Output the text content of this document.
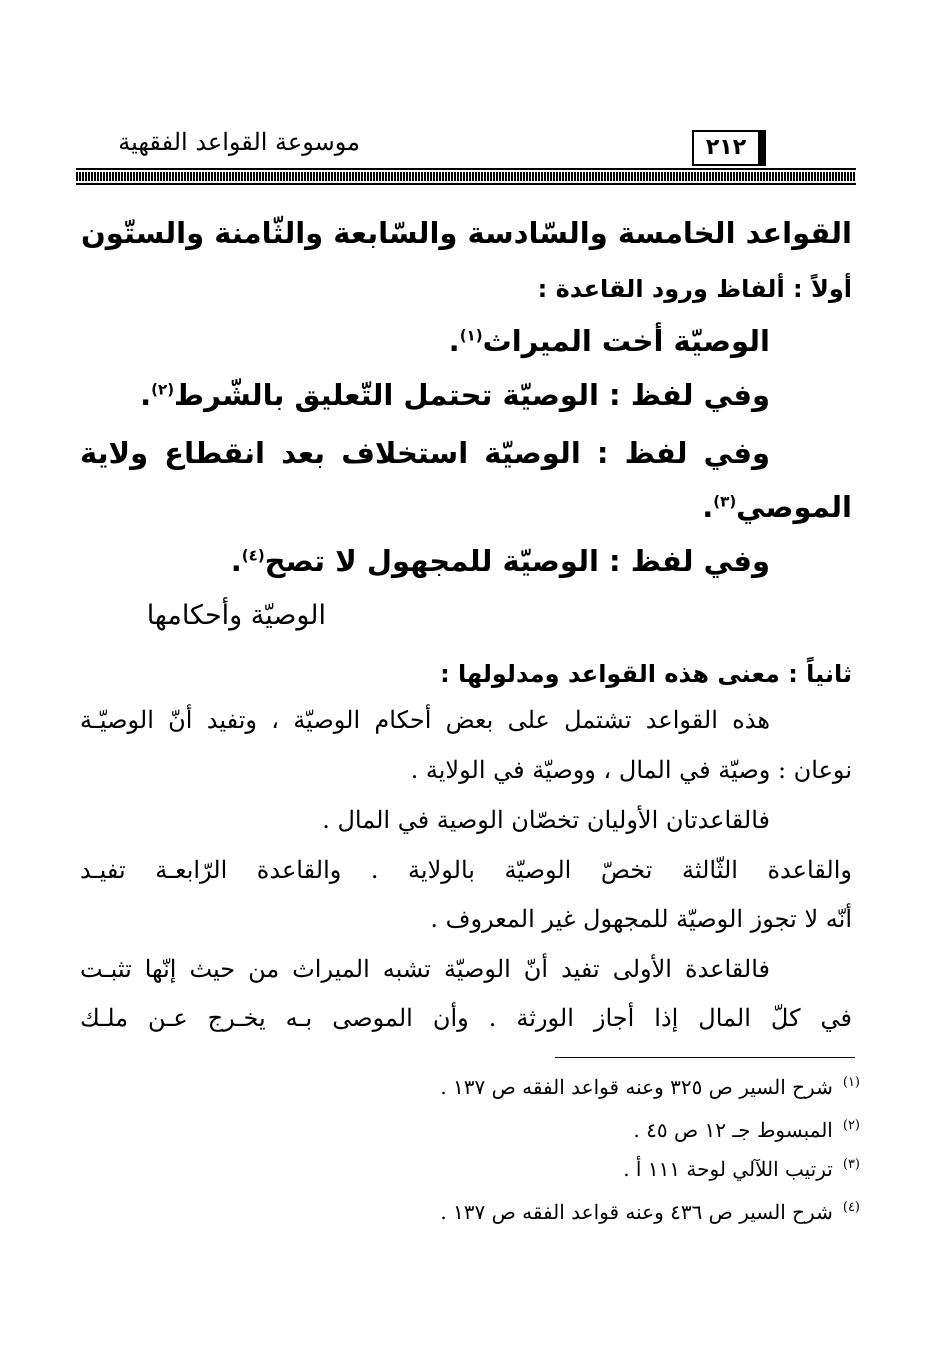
موسوعة القواعد الفقهية	٢١٢
القواعد الخامسة والسّادسة والسّابعة والثّامنة والستّون
أولاً : ألفاظ ورود القاعدة :
الوصيّة أخت الميراث$^{(١)}$.
وفي لفظ : الوصيّة تحتمل التّعليق بالشّرط$^{(٢)}$.
وفي لفظ : الوصيّة استخلاف بعد انقطاع ولاية
الموصي$^{(٣)}$.
وفي لفظ : الوصيّة للمجهول لا تصح$^{(٤)}$.
الوصيّة وأحكامها
ثانياً : معنى هذه القواعد ومدلولها :
هذه القواعد تشتمل على بعض أحكام الوصيّة ، وتفيد أنّ الوصيّـة
نوعان : وصيّة في المال ، ووصيّة في الولاية .
فالقاعدتان الأوليان تخصّان الوصية في المال .
والقاعدة الثّالثة تخصّ الوصيّة بالولاية . والقاعدة الرّابعـة تفيـد
أنّه لا تجوز الوصيّة للمجهول غير المعروف .
فالقاعدة الأولى تفيد أنّ الوصيّة تشبه الميراث من حيث إنّها تثبـت
في كلّ المال إذا أجاز الورثة . وأن الموصى بـه يخـرج عـن ملـك
$^{(١)}$شرح السير ص ٣٢٥ وعنه قواعد الفقه ص ١٣٧ .
$^{(٢)}$المبسوط جـ ١٢ ص ٤٥ .
$^{(٣)}$ترتيب اللآلي لوحة ١١١ أ .
$^{(٤)}$شرح السير ص ٤٣٦ وعنه قواعد الفقه ص ١٣٧ .
